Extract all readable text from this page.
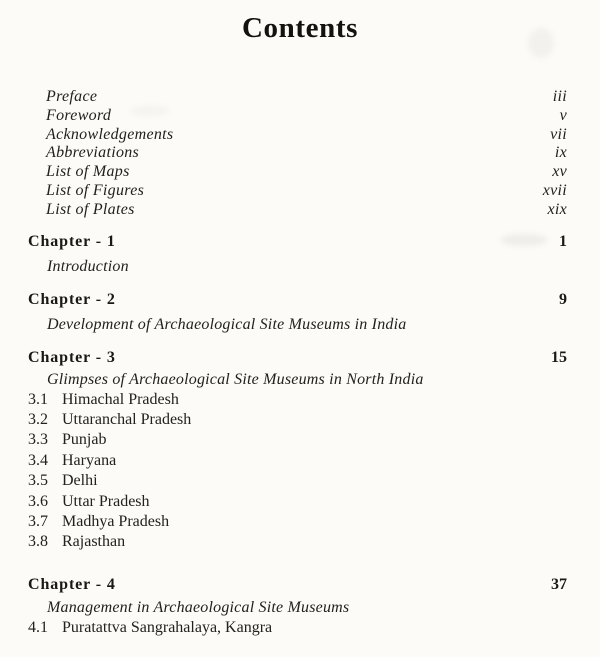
Contents
Preface	iii
Foreword	v
Acknowledgements	vii
Abbreviations	ix
List of Maps	xv
List of Figures	xvii
List of Plates	xix
Chapter - 1	1
Introduction
Chapter - 2	9
Development of Archaeological Site Museums in India
Chapter - 3	15
Glimpses of Archaeological Site Museums in North India
3.1 Himachal Pradesh
3.2 Uttaranchal Pradesh
3.3 Punjab
3.4 Haryana
3.5 Delhi
3.6 Uttar Pradesh
3.7 Madhya Pradesh
3.8 Rajasthan
Chapter - 4	37
Management in Archaeological Site Museums
4.1 Puratattva Sangrahalaya, Kangra
